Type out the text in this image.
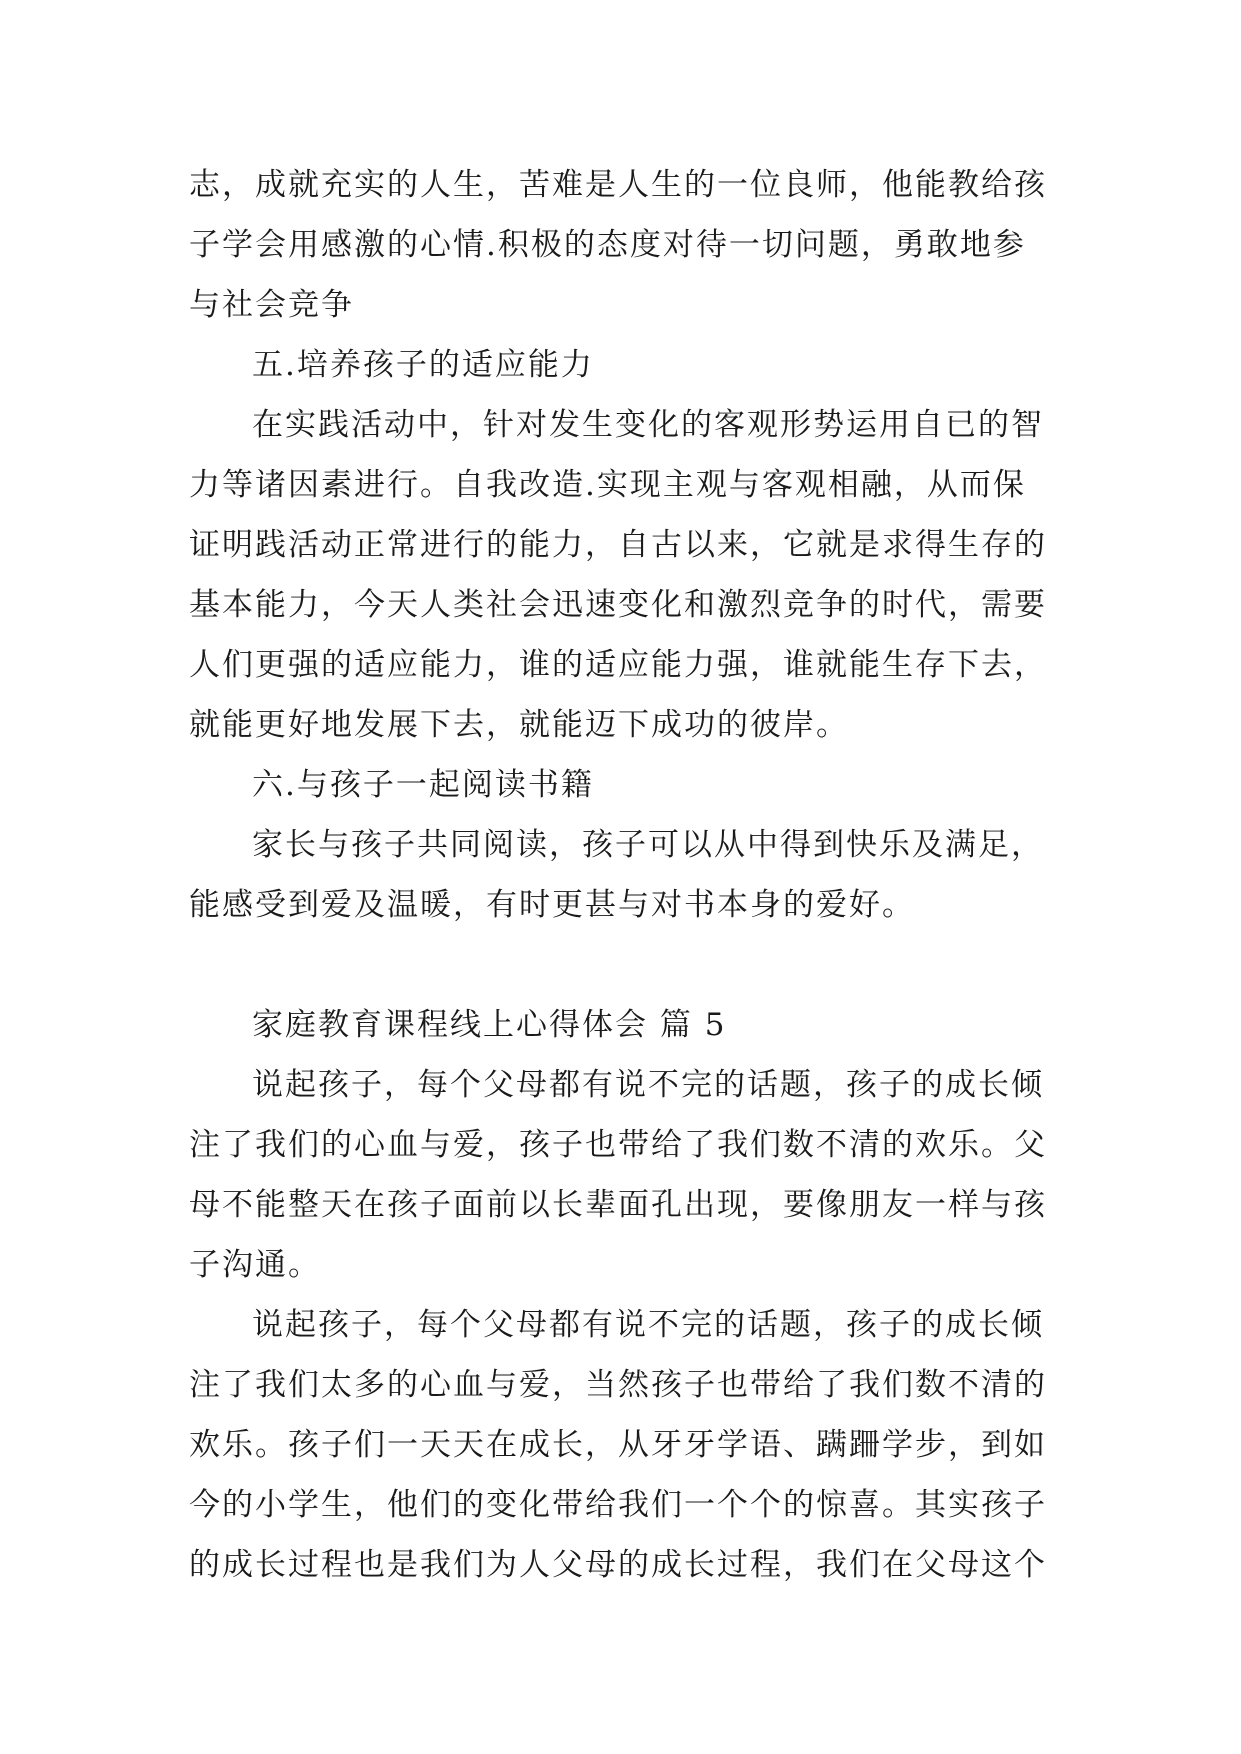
志，成就充实的人生，苦难是人生的一位良师，他能教给孩
子学会用感激的心情.积极的态度对待一切问题，勇敢地参
与社会竞争
五.培养孩子的适应能力
在实践活动中，针对发生变化的客观形势运用自已的智
力等诸因素进行。自我改造.实现主观与客观相融，从而保
证明践活动正常进行的能力，自古以来，它就是求得生存的
基本能力，今天人类社会迅速变化和激烈竞争的时代，需要
人们更强的适应能力，谁的适应能力强，谁就能生存下去，
就能更好地发展下去，就能迈下成功的彼岸。
六.与孩子一起阅读书籍
家长与孩子共同阅读，孩子可以从中得到快乐及满足，
能感受到爱及温暖，有时更甚与对书本身的爱好。
家庭教育课程线上心得体会 篇 5
说起孩子，每个父母都有说不完的话题，孩子的成长倾
注了我们的心血与爱，孩子也带给了我们数不清的欢乐。父
母不能整天在孩子面前以长辈面孔出现，要像朋友一样与孩
子沟通。
说起孩子，每个父母都有说不完的话题，孩子的成长倾
注了我们太多的心血与爱，当然孩子也带给了我们数不清的
欢乐。孩子们一天天在成长，从牙牙学语、蹒跚学步，到如
今的小学生，他们的变化带给我们一个个的惊喜。其实孩子
的成长过程也是我们为人父母的成长过程，我们在父母这个
